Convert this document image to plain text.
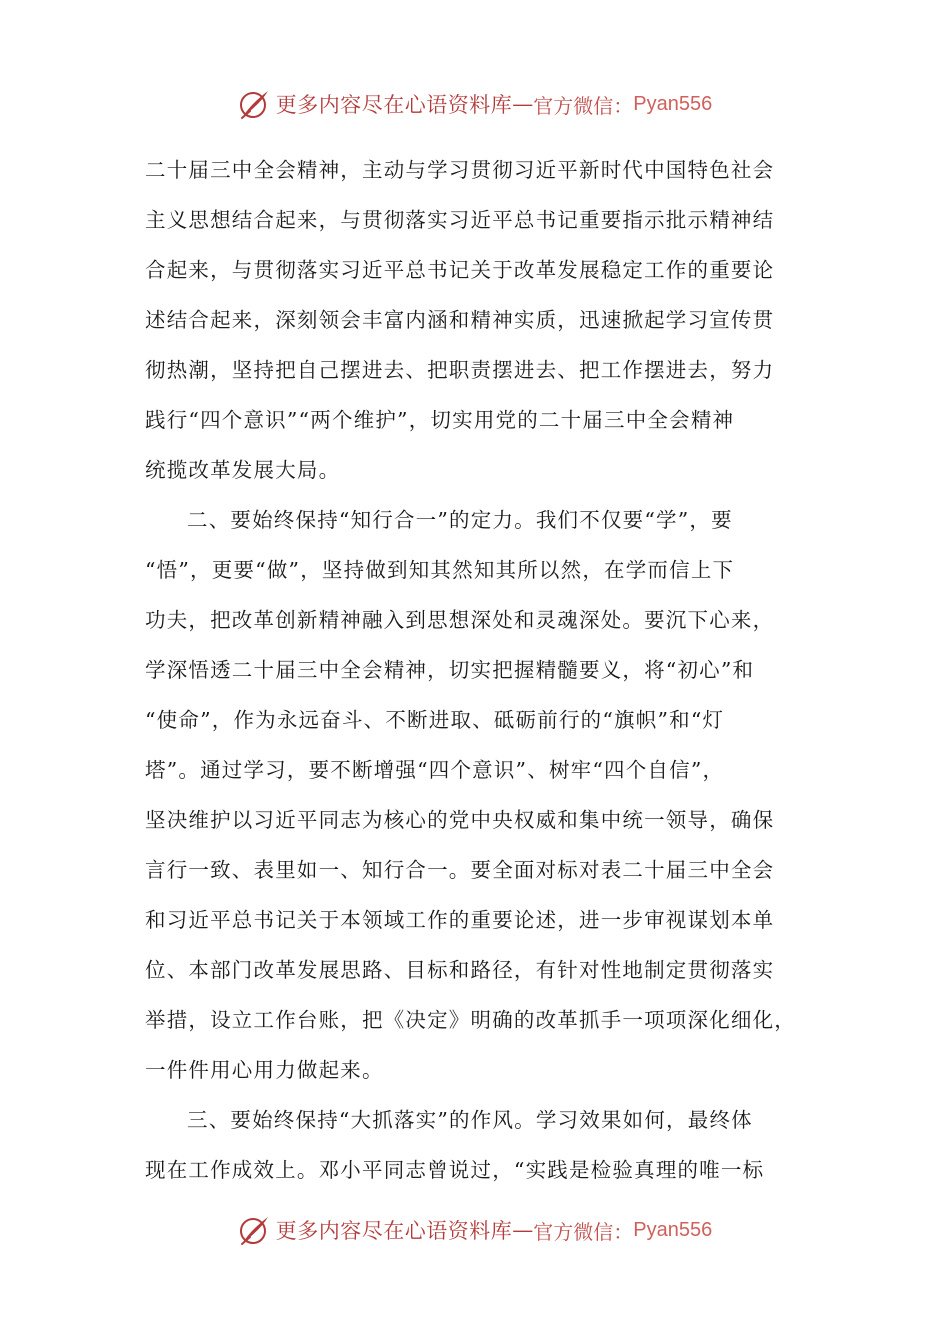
更多内容尽在心语资料库 — 官方微信： Pyan556
二十届三中全会精神，主动与学习贯彻习近平新时代中国特色社会
主义思想结合起来，与贯彻落实习近平总书记重要指示批示精神结
合起来，与贯彻落实习近平总书记关于改革发展稳定工作的重要论
述结合起来，深刻领会丰富内涵和精神实质，迅速掀起学习宣传贯
彻热潮，坚持把自己摆进去、把职责摆进去、把工作摆进去，努力
践行“四个意识”“两个维护”，切实用党的二十届三中全会精神
统揽改革发展大局。
二、要始终保持“知行合一”的定力。我们不仅要“学”，要
“悟”，更要“做”，坚持做到知其然知其所以然，在学而信上下
功夫，把改革创新精神融入到思想深处和灵魂深处。要沉下心来，
学深悟透二十届三中全会精神，切实把握精髓要义，将“初心”和
“使命”，作为永远奋斗、不断进取、砥砺前行的“旗帜”和“灯
塔”。通过学习，要不断增强“四个意识”、树牢“四个自信”，
坚决维护以习近平同志为核心的党中央权威和集中统一领导，确保
言行一致、表里如一、知行合一。要全面对标对表二十届三中全会
和习近平总书记关于本领域工作的重要论述，进一步审视谋划本单
位、本部门改革发展思路、目标和路径，有针对性地制定贯彻落实
举措，设立工作台账，把《决定》明确的改革抓手一项项深化细化，
一件件用心用力做起来。
三、要始终保持“大抓落实”的作风。学习效果如何，最终体
现在工作成效上。邓小平同志曾说过，“实践是检验真理的唯一标
更多内容尽在心语资料库 — 官方微信： Pyan556
